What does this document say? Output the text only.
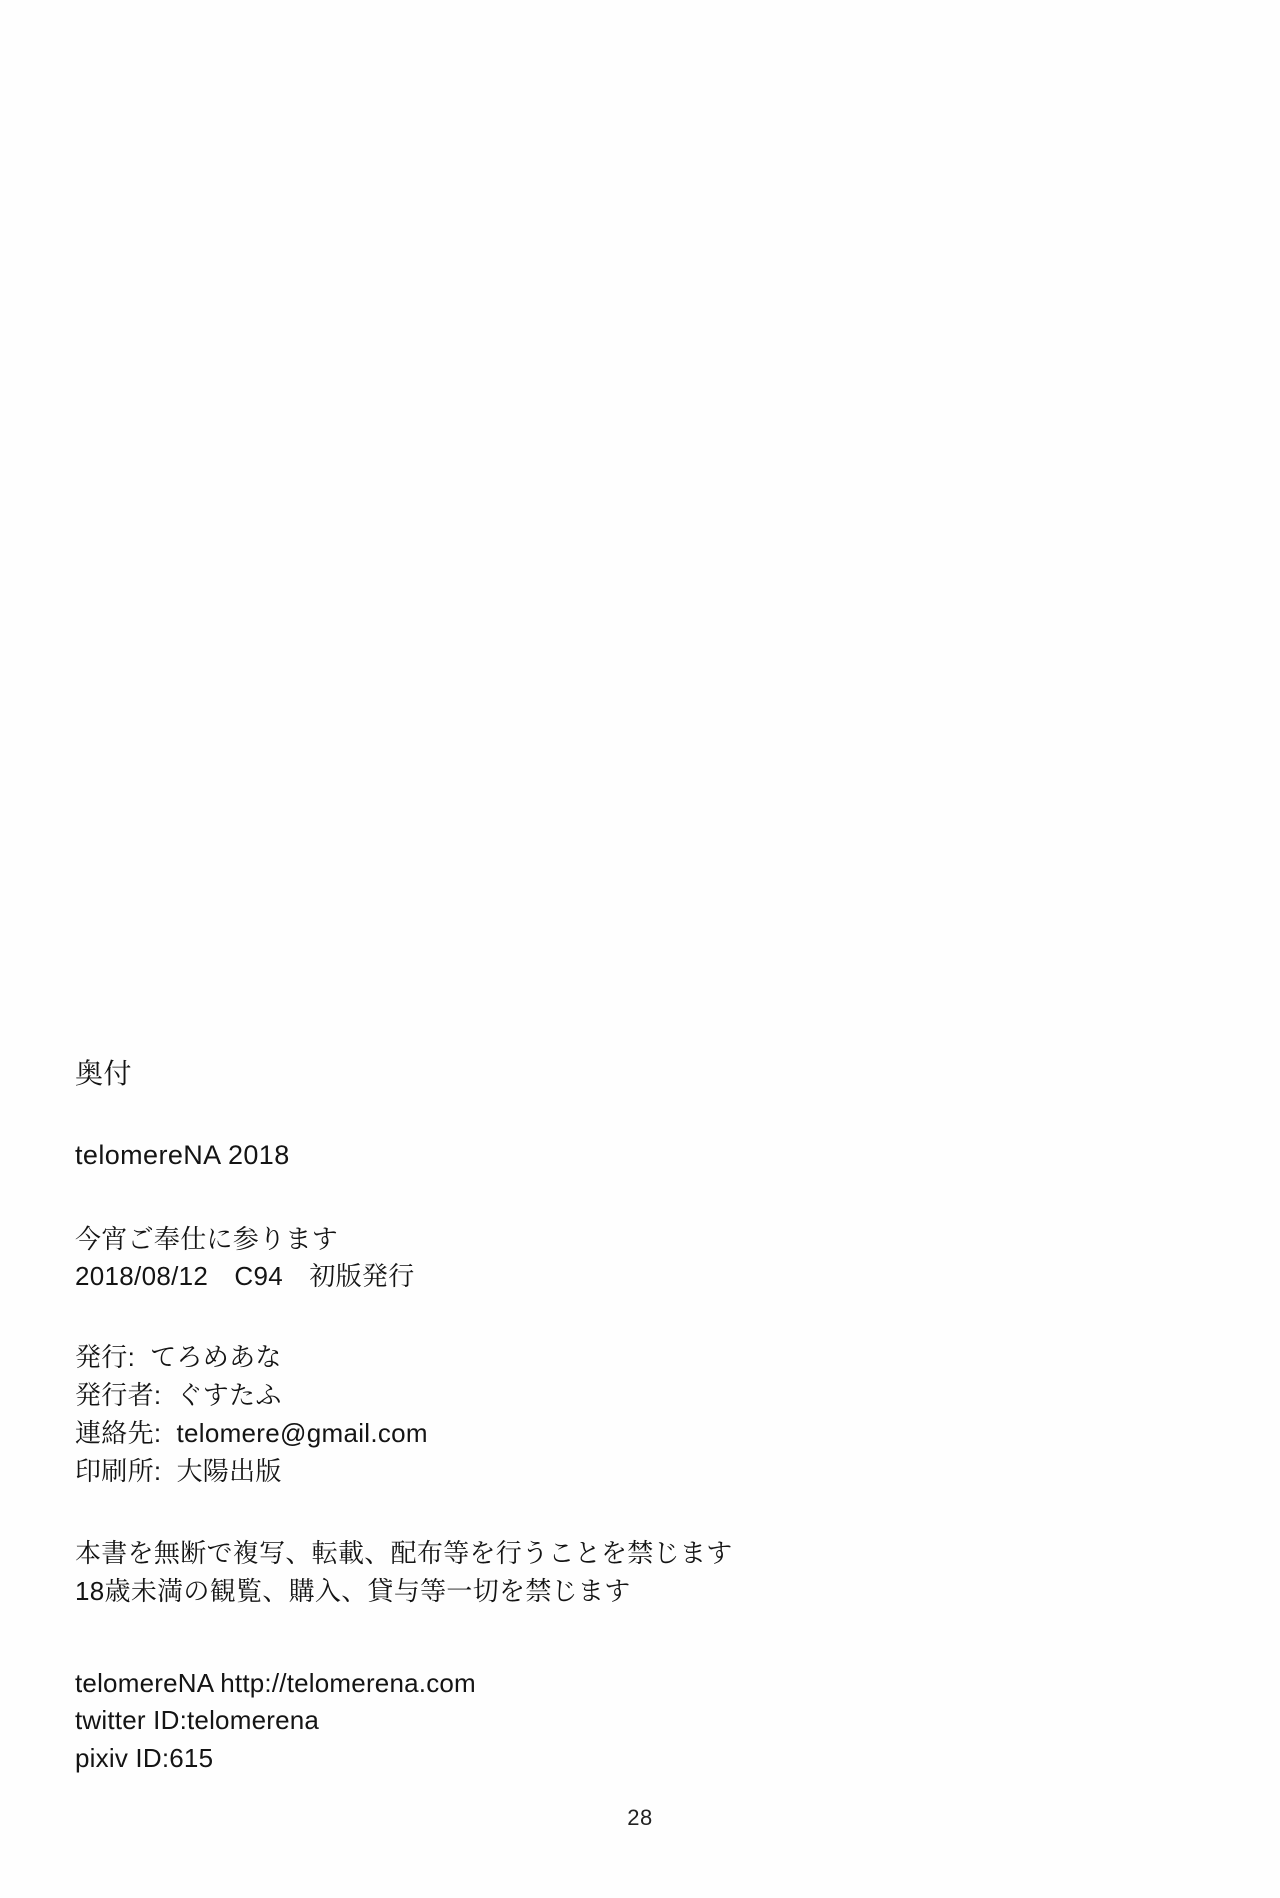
奥付
telomereNA 2018
今宵ご奉仕に参ります
2018/08/12　C94　初版発行
発行:  てろめあな
発行者:  ぐすたふ
連絡先:  telomere@gmail.com
印刷所:  大陽出版
本書を無断で複写、転載、配布等を行うことを禁じます
18歳未満の観覧、購入、貸与等一切を禁じます
telomereNA http://telomerena.com
twitter ID:telomerena
pixiv ID:615
28
